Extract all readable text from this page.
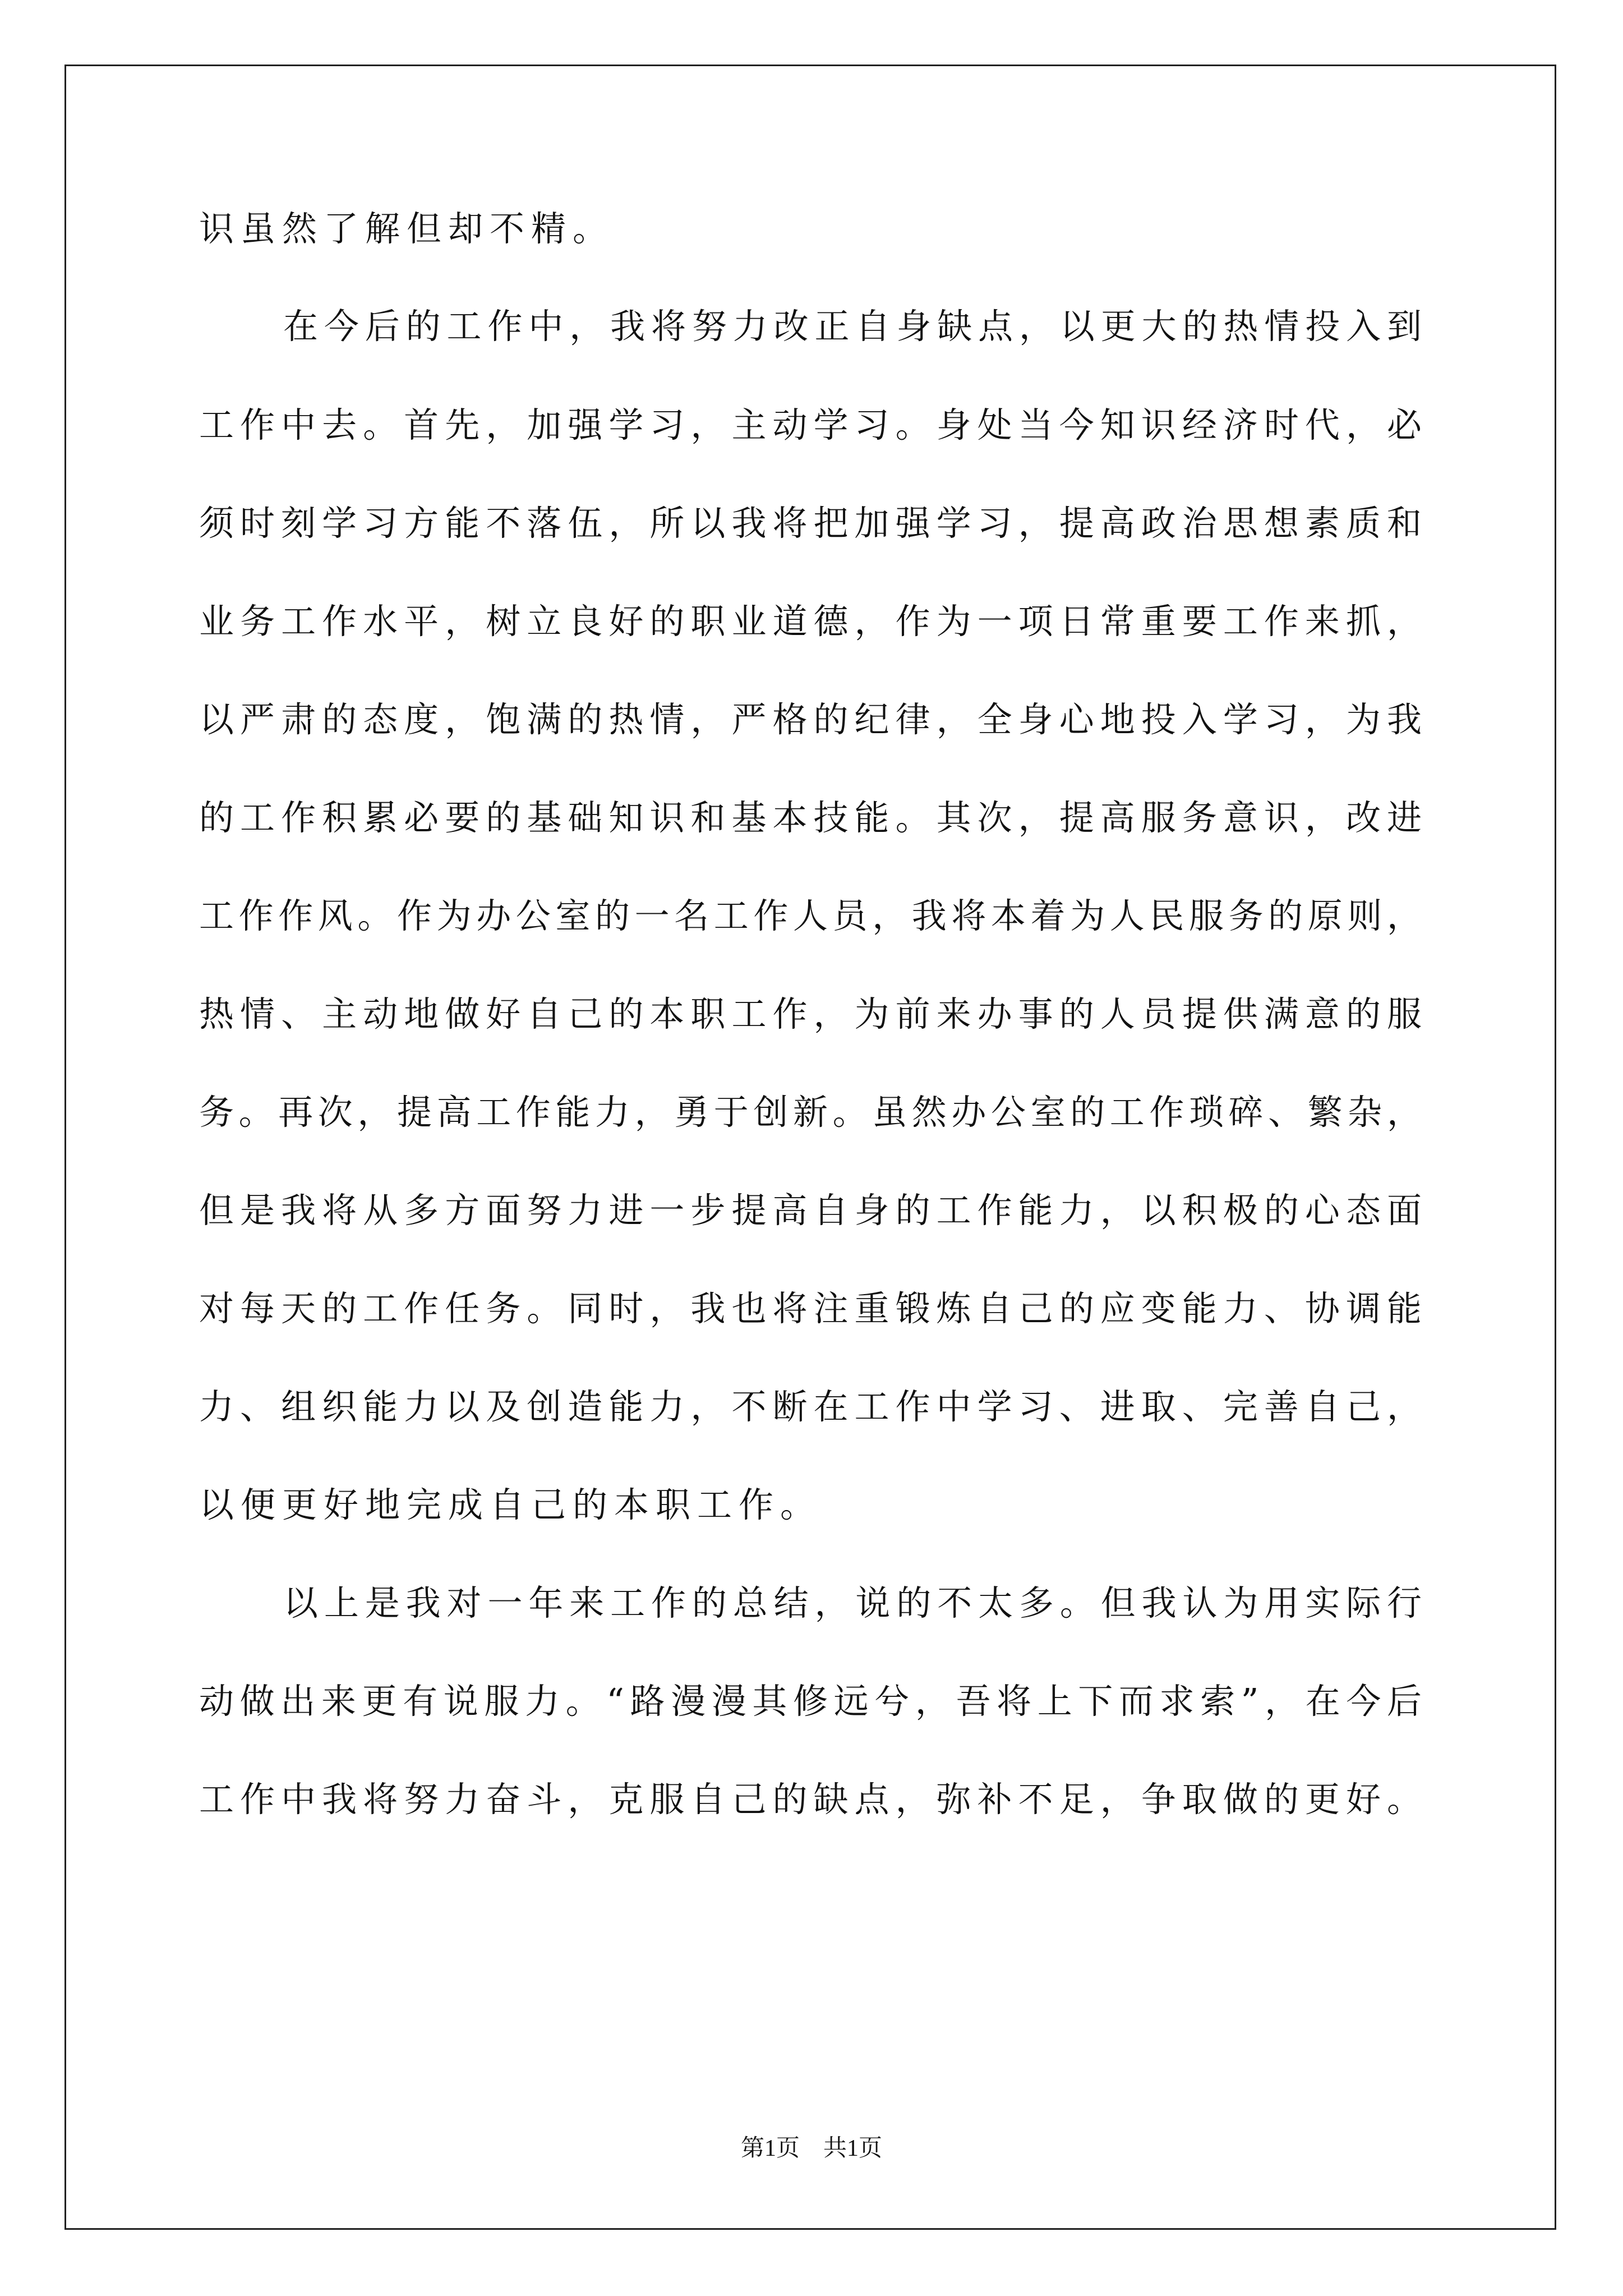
识虽然了解但却不精。
在今后的工作中，我将努力改正自身缺点，以更大的热情投入到
工作中去。首先，加强学习，主动学习。身处当今知识经济时代，必
须时刻学习方能不落伍，所以我将把加强学习，提高政治思想素质和
业务工作水平，树立良好的职业道德，作为一项日常重要工作来抓，
以严肃的态度，饱满的热情，严格的纪律，全身心地投入学习，为我
的工作积累必要的基础知识和基本技能。其次，提高服务意识，改进
工作作风。作为办公室的一名工作人员，我将本着为人民服务的原则，
热情、主动地做好自己的本职工作，为前来办事的人员提供满意的服
务。再次，提高工作能力，勇于创新。虽然办公室的工作琐碎、繁杂，
但是我将从多方面努力进一步提高自身的工作能力，以积极的心态面
对每天的工作任务。同时，我也将注重锻炼自己的应变能力、协调能
力、组织能力以及创造能力，不断在工作中学习、进取、完善自己，
以便更好地完成自己的本职工作。
以上是我对一年来工作的总结，说的不太多。但我认为用实际行
动做出来更有说服力。“路漫漫其修远兮，吾将上下而求索”，在今后
工作中我将努力奋斗，克服自己的缺点，弥补不足，争取做的更好。
第1页　共1页
